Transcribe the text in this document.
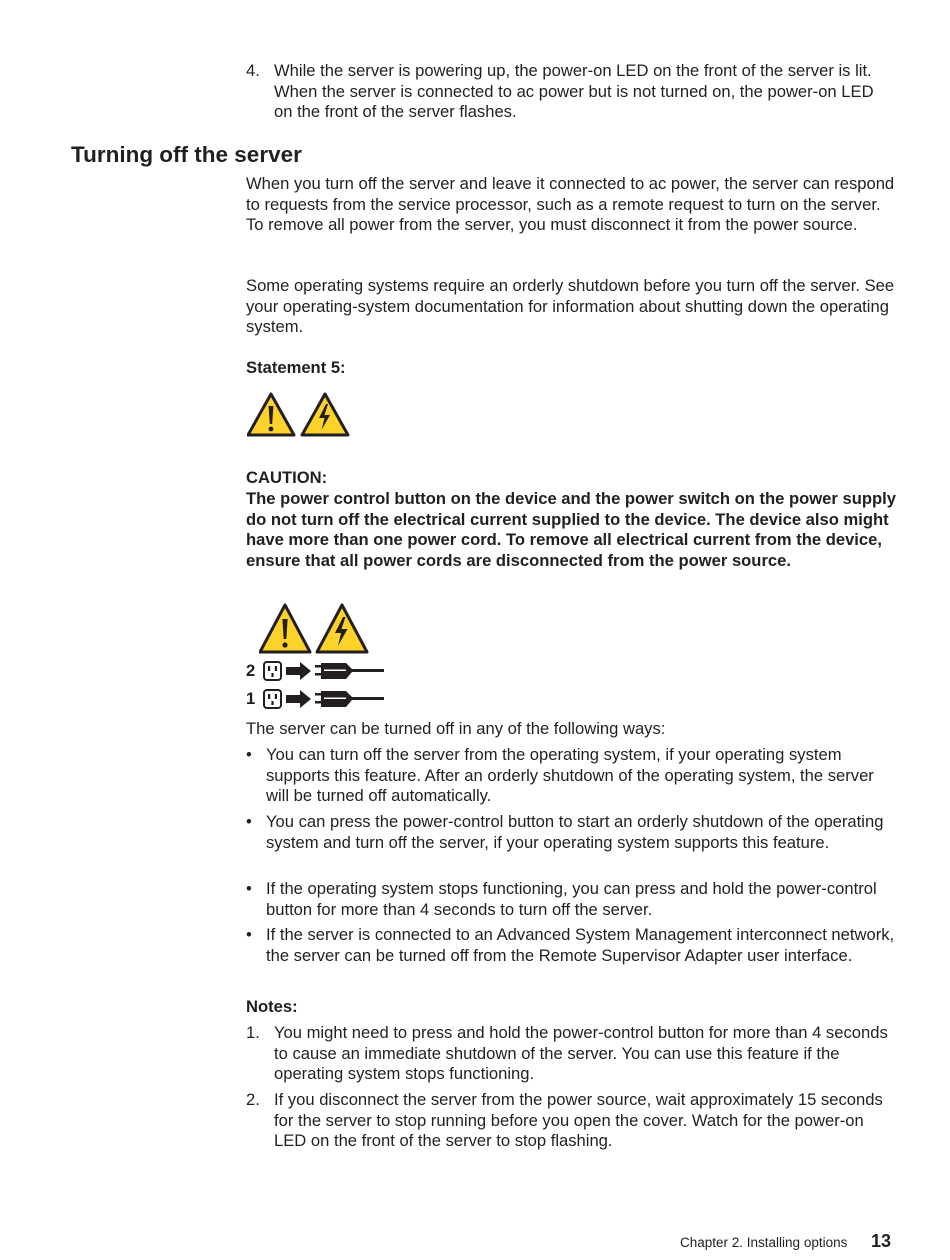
4. While the server is powering up, the power-on LED on the front of the server is lit. When the server is connected to ac power but is not turned on, the power-on LED on the front of the server flashes.
Turning off the server
When you turn off the server and leave it connected to ac power, the server can respond to requests from the service processor, such as a remote request to turn on the server. To remove all power from the server, you must disconnect it from the power source.
Some operating systems require an orderly shutdown before you turn off the server. See your operating-system documentation for information about shutting down the operating system.
Statement 5:
CAUTION:
The power control button on the device and the power switch on the power supply do not turn off the electrical current supplied to the device. The device also might have more than one power cord. To remove all electrical current from the device, ensure that all power cords are disconnected from the power source.
2
1
The server can be turned off in any of the following ways:
• You can turn off the server from the operating system, if your operating system supports this feature. After an orderly shutdown of the operating system, the server will be turned off automatically.
• You can press the power-control button to start an orderly shutdown of the operating system and turn off the server, if your operating system supports this feature.
• If the operating system stops functioning, you can press and hold the power-control button for more than 4 seconds to turn off the server.
• If the server is connected to an Advanced System Management interconnect network, the server can be turned off from the Remote Supervisor Adapter user interface.
Notes:
1. You might need to press and hold the power-control button for more than 4 seconds to cause an immediate shutdown of the server. You can use this feature if the operating system stops functioning.
2. If you disconnect the server from the power source, wait approximately 15 seconds for the server to stop running before you open the cover. Watch for the power-on LED on the front of the server to stop flashing.
Chapter 2. Installing options 13
